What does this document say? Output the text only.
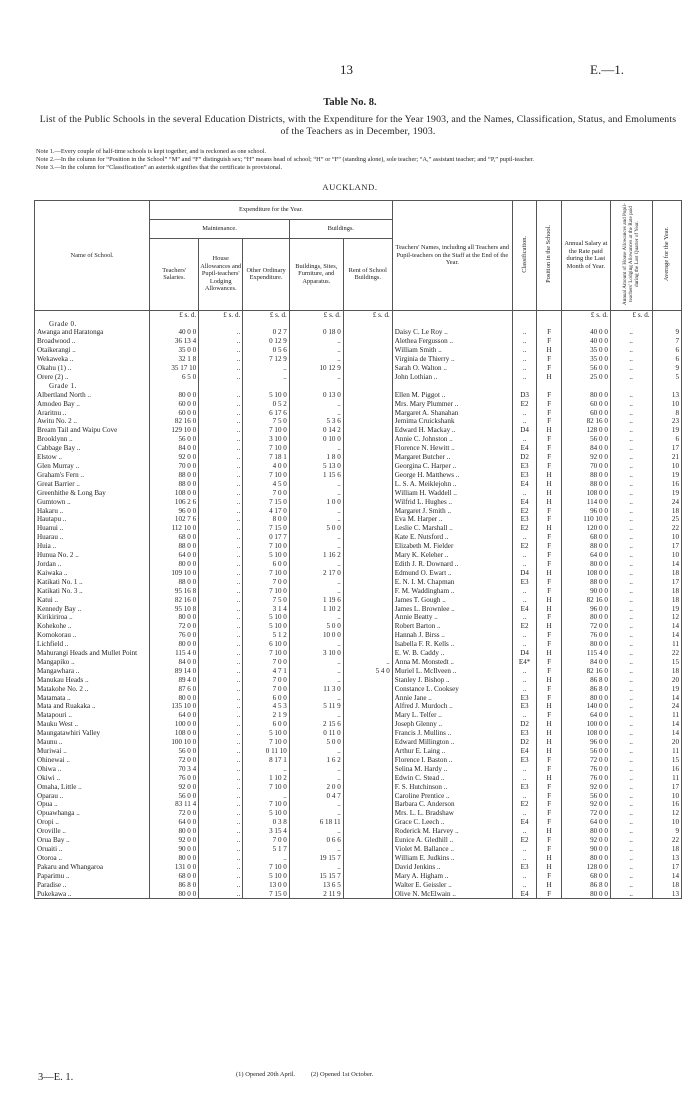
13	E.—1.
Table No. 8.
List of the Public Schools in the several Education Districts, with the Expenditure for the Year 1903, and the Names, Classification, Status, and Emoluments of the Teachers as in December, 1903.
Note 1.—Every couple of half-time schools is kept together, and is reckoned as one school.
Note 2.—In the column for “Position in the School” “M” and “F” distinguish sex; “H” means head of school; “H” or “F” (standing alone), sole teacher; “A,” assistant teacher; and “P,” pupil-teacher.
Note 3.—In the column for “Classification” an asterisk signifies that the certificate is provisional.
AUCKLAND.
Name of School.	Expenditure for the Year.					Teachers' Names, including all Teachers and Pupil-teachers on the Staff at the End of the Year.	Classification.	Position in the School.	Annual Salary at the Rate paid during the Last Month of Year.	Annual Amount of House Allowances and Pupil-teachers' Lodging Allowances at the Rate paid during the Last Quarter of Year.	Average for the Year.
	Maintenance.			Buildings.							
	Teachers' Salaries.	House Allowances and Pupil-teachers' Lodging Allowances.	Other Ordinary Expenditure.	Buildings, Sites, Furniture, and Apparatus.	Rent of School Buildings.						
	£ s. d.	£ s. d.	£ s. d.	£ s. d.	£ s. d.				£ s. d.	£ s. d.	
Grade 0.											
Awanga and Haratonga	40 0 0	..	0 2 7	0 18 0		Daisy C. Le Roy ..	..	F	40 0 0	..	9
Broadwood ..	36 13 4	..	0 12 9	..		Alethea Fergusson ..	..	F	40 0 0	..	7
Otaikerangi ..	35 0 0	..	0 5 6	..		William Smith ..	..	H	35 0 0	..	6
Wekaweka ..	32 1 8	..	7 12 9	..		Virginia de Thierry ..	..	F	35 0 0	..	6
Okahu (1) ..	35 17 10	..	..	10 12 9		Sarah O. Walton ..	..	F	56 0 0	..	9
Orere (2) ..	6 5 0	..	..	..		John Lothian ..	..	H	25 0 0	..	5
Grade 1.											
Albertland North ..	80 0 0	..	5 10 0	0 13 0		Ellen M. Piggot ..	D3	F	80 0 0	..	13
Amodeo Bay ..	60 0 0	..	0 5 2	..		Mrs. Mary Plummer ..	E2	F	60 0 0	..	10
Araritnu ..	60 0 0	..	6 17 6	..		Margaret A. Shanahan	..	F	60 0 0	..	8
Awitu No. 2 ..	82 16 0	..	7 5 0	5 3 6		Jemima Cruickshank	..	F	82 16 0	..	23
Bream Tail and Waipu Cove	129 10 0	..	7 10 0	0 14 2		Edward H. Mackay ..	D4	H	128 0 0	..	19
Brooklynn ..	56 0 0	..	3 10 0	0 10 0		Annie C. Johnston ..	..	F	56 0 0	..	6
Cabbage Bay ..	84 0 0	..	7 10 0	..		Florence N. Hewitt ..	E4	F	84 0 0	..	17
Elstow ..	92 0 0	..	7 18 1	1 8 0		Margaret Butcher ..	D2	F	92 0 0	..	21
Glen Murray ..	70 0 0	..	4 0 0	5 13 0		Georgina C. Harper ..	E3	F	70 0 0	..	10
Graham's Fern ..	88 0 0	..	7 10 0	1 15 6		George H. Matthews ..	E3	H	88 0 0	..	19
Great Barrier ..	88 0 0	..	4 5 0	..		L. S. A. Meiklejohn ..	E4	H	88 0 0	..	16
Greenhithe & Long Bay	108 0 0	..	7 0 0	..		William H. Waddell ..	..	H	108 0 0	..	19
Gumtown ..	106 2 6	..	7 15 0	1 0 0		Wilfrid L. Hughes ..	E4	H	114 0 0	..	24
Hakaru ..	96 0 0	..	4 17 0	..		Margaret J. Smith ..	E2	F	96 0 0	..	18
Hautapu ..	102 7 6	..	8 0 0	..		Eva M. Harper ..	E3	F	110 10 0	..	25
Huanui ..	112 10 0	..	7 15 0	5 0 0		Leslie C. Marshall ..	E2	H	120 0 0	..	22
Huarau ..	68 0 0	..	0 17 7	..		Kate E. Nutsford ..	..	F	68 0 0	..	10
Huia ..	88 0 0	..	7 10 0	..		Elizabeth M. Fielder	E2	F	88 0 0	..	17
Hunua No. 2 ..	64 0 0	..	5 10 0	1 16 2		Mary K. Keleher ..	..	F	64 0 0	..	10
Jordan ..	80 0 0	..	6 0 0	..		Edith J. R. Downard ..	..	F	80 0 0	..	14
Kaiwaka ..	109 10 0	..	7 10 0	2 17 0		Edmund O. Ewart ..	D4	H	108 0 0	..	18
Katikati No. 1 ..	88 0 0	..	7 0 0	..		E. N. I. M. Chapman	E3	F	88 0 0	..	17
Katikati No. 3 ..	95 16 8	..	7 10 0	..		F. M. Waddingham ..	..	F	90 0 0	..	18
Katui ..	82 16 0	..	7 5 0	1 19 6		James T. Gough ..	..	H	82 16 0	..	18
Kennedy Bay ..	95 10 8	..	3 1 4	1 10 2		James L. Brownlee ..	E4	H	96 0 0	..	19
Kirikiriroa ..	80 0 0	..	5 10 0	..		Annie Beatty ..	..	F	80 0 0	..	12
Kohekohe ..	72 0 0	..	5 10 0	5 0 0		Robert Barton ..	E2	H	72 0 0	..	14
Komokorau ..	76 0 0	..	5 1 2	10 0 0		Hannah J. Birss ..	..	F	76 0 0	..	14
Lichfield ..	80 0 0	..	6 10 0	..		Isabella F. R. Kells ..	..	F	80 0 0	..	11
Mahurangi Heads and Mullet Point	115 4 0	..	7 10 0	3 10 0		E. W. B. Caddy ..	D4	H	115 4 0	..	22
Mangapiko ..	84 0 0	..	7 0 0	..	..	Anna M. Monstedt ..	E4*	F	84 0 0	..	15
Mangawhara ..	89 14 0	..	4 7 1	..	5 4 0	Muriel L. McIlveen ..	..	F	82 16 0	..	18
Manukau Heads ..	89 4 0	..	7 0 0	..		Stanley J. Bishop ..	..	H	86 8 0	..	20
Matakohe No. 2 ..	87 6 0	..	7 0 0	11 3 0		Constance L. Cooksey	..	F	86 8 0	..	19
Matamata ..	80 0 0	..	6 0 0	..		Annie Jane ..	E3	F	80 0 0	..	14
Mata and Ruakaka ..	135 10 0	..	4 5 3	5 11 9		Alfred J. Murdoch ..	E3	H	140 0 0	..	24
Matapouri ..	64 0 0	..	2 1 9	..		Mary L. Telfer ..	..	F	64 0 0	..	11
Mauku West ..	100 0 0	..	6 0 0	2 15 6		Joseph Glenny ..	D2	H	100 0 0	..	14
Maungatawhiri Valley	108 0 0	..	5 10 0	0 11 0		Francis J. Mullins ..	E3	H	108 0 0	..	14
Maunu ..	100 10 0	..	7 10 0	5 0 0		Edward Millington ..	D2	H	96 0 0	..	20
Muriwai ..	56 0 0	..	0 11 10	..		Arthur E. Laing ..	E4	H	56 0 0	..	11
Ohinewai ..	72 0 0	..	8 17 1	1 6 2		Florence I. Baston ..	E3	F	72 0 0	..	15
Ohiwa ..	70 3 4	..	..	..		Selina M. Hardy ..	..	F	76 0 0	..	16
Okiwi ..	76 0 0	..	1 10 2	..		Edwin C. Stead ..	..	H	76 0 0	..	11
Omaha, Little ..	92 0 0	..	7 10 0	2 0 0		F. S. Hutchinson ..	E3	F	92 0 0	..	17
Oparau ..	56 0 0	..	..	0 4 7		Caroline Prentice ..	..	F	56 0 0	..	10
Opua ..	83 11 4	..	7 10 0	..		Barbara C. Anderson	E2	F	92 0 0	..	16
Opuawhanga ..	72 0 0	..	5 10 0	..		Mrs. L. L. Bradshaw	..	F	72 0 0	..	12
Oropi ..	64 0 0	..	0 3 8	6 18 11		Grace C. Leech ..	E4	F	64 0 0	..	10
Oroville ..	80 0 0	..	3 15 4	..		Roderick M. Harvey ..	..	H	80 0 0	..	9
Orua Bay ..	92 0 0	..	7 0 0	0 6 6		Eunice A. Gledhill ..	E2	F	92 0 0	..	22
Oruaiti ..	90 0 0	..	5 1 7	..		Violet M. Ballance ..	..	F	90 0 0	..	18
Otoroa ..	80 0 0	..	..	19 15 7		William E. Judkins ..	..	H	80 0 0	..	13
Pakaru and Whangaroa	131 0 0	..	7 10 0	..		David Jenkins ..	E3	H	128 0 0	..	17
Paparimu ..	68 0 0	..	5 10 0	15 15 7		Mary A. Higham ..	..	F	68 0 0	..	14
Paradise ..	86 8 0	..	13 0 0	13 6 5		Walter E. Geissler ..	..	H	86 8 0	..	18
Pukekawa ..	80 0 0	..	7 15 0	2 11 9		Olive N. McElwain ..	E4	F	80 0 0	..	13
3—E. 1.	(1) Opened 20th April. (2) Opened 1st October.
